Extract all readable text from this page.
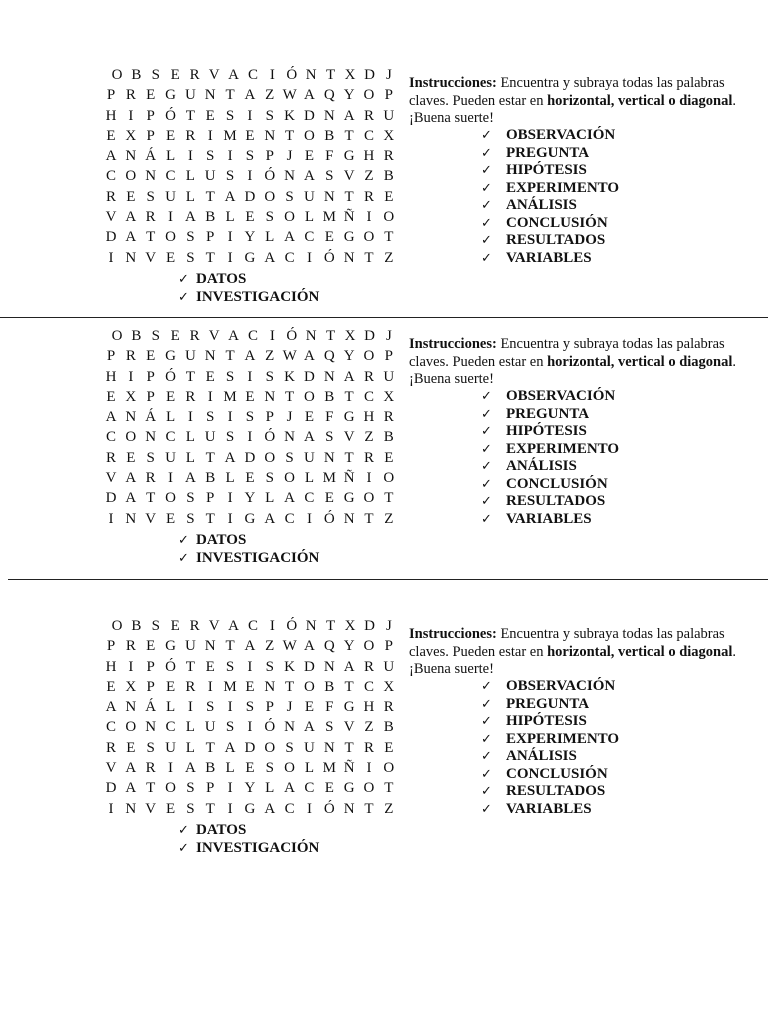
O B S E R V A C I Ó N T X D J
P R E G U N T A Z W A Q Y O P
H I P Ó T E S I S K D N A R U
E X P E R I M E N T O B T C X
A N Á L I S I S P J E F G H R
C O N C L U S I Ó N A S V Z B
R E S U L T A D O S U N T R E
V A R I A B L E S O L M Ñ I O
D A T O S P I Y L A C E G O T
I N V E S T I G A C I Ó N T Z
✓ DATOS
✓ INVESTIGACIÓN
Instrucciones: Encuentra y subraya todas las palabras claves. Pueden estar en horizontal, vertical o diagonal. ¡Buena suerte!
✓ OBSERVACIÓN
✓ PREGUNTA
✓ HIPÓTESIS
✓ EXPERIMENTO
✓ ANÁLISIS
✓ CONCLUSIÓN
✓ RESULTADOS
✓ VARIABLES
O B S E R V A C I Ó N T X D J
P R E G U N T A Z W A Q Y O P
H I P Ó T E S I S K D N A R U
E X P E R I M E N T O B T C X
A N Á L I S I S P J E F G H R
C O N C L U S I Ó N A S V Z B
R E S U L T A D O S U N T R E
V A R I A B L E S O L M Ñ I O
D A T O S P I Y L A C E G O T
I N V E S T I G A C I Ó N T Z
✓ DATOS
✓ INVESTIGACIÓN
Instrucciones: Encuentra y subraya todas las palabras claves. Pueden estar en horizontal, vertical o diagonal. ¡Buena suerte!
✓ OBSERVACIÓN
✓ PREGUNTA
✓ HIPÓTESIS
✓ EXPERIMENTO
✓ ANÁLISIS
✓ CONCLUSIÓN
✓ RESULTADOS
✓ VARIABLES
O B S E R V A C I Ó N T X D J
P R E G U N T A Z W A Q Y O P
H I P Ó T E S I S K D N A R U
E X P E R I M E N T O B T C X
A N Á L I S I S P J E F G H R
C O N C L U S I Ó N A S V Z B
R E S U L T A D O S U N T R E
V A R I A B L E S O L M Ñ I O
D A T O S P I Y L A C E G O T
I N V E S T I G A C I Ó N T Z
✓ DATOS
✓ INVESTIGACIÓN
Instrucciones: Encuentra y subraya todas las palabras claves. Pueden estar en horizontal, vertical o diagonal. ¡Buena suerte!
✓ OBSERVACIÓN
✓ PREGUNTA
✓ HIPÓTESIS
✓ EXPERIMENTO
✓ ANÁLISIS
✓ CONCLUSIÓN
✓ RESULTADOS
✓ VARIABLES
